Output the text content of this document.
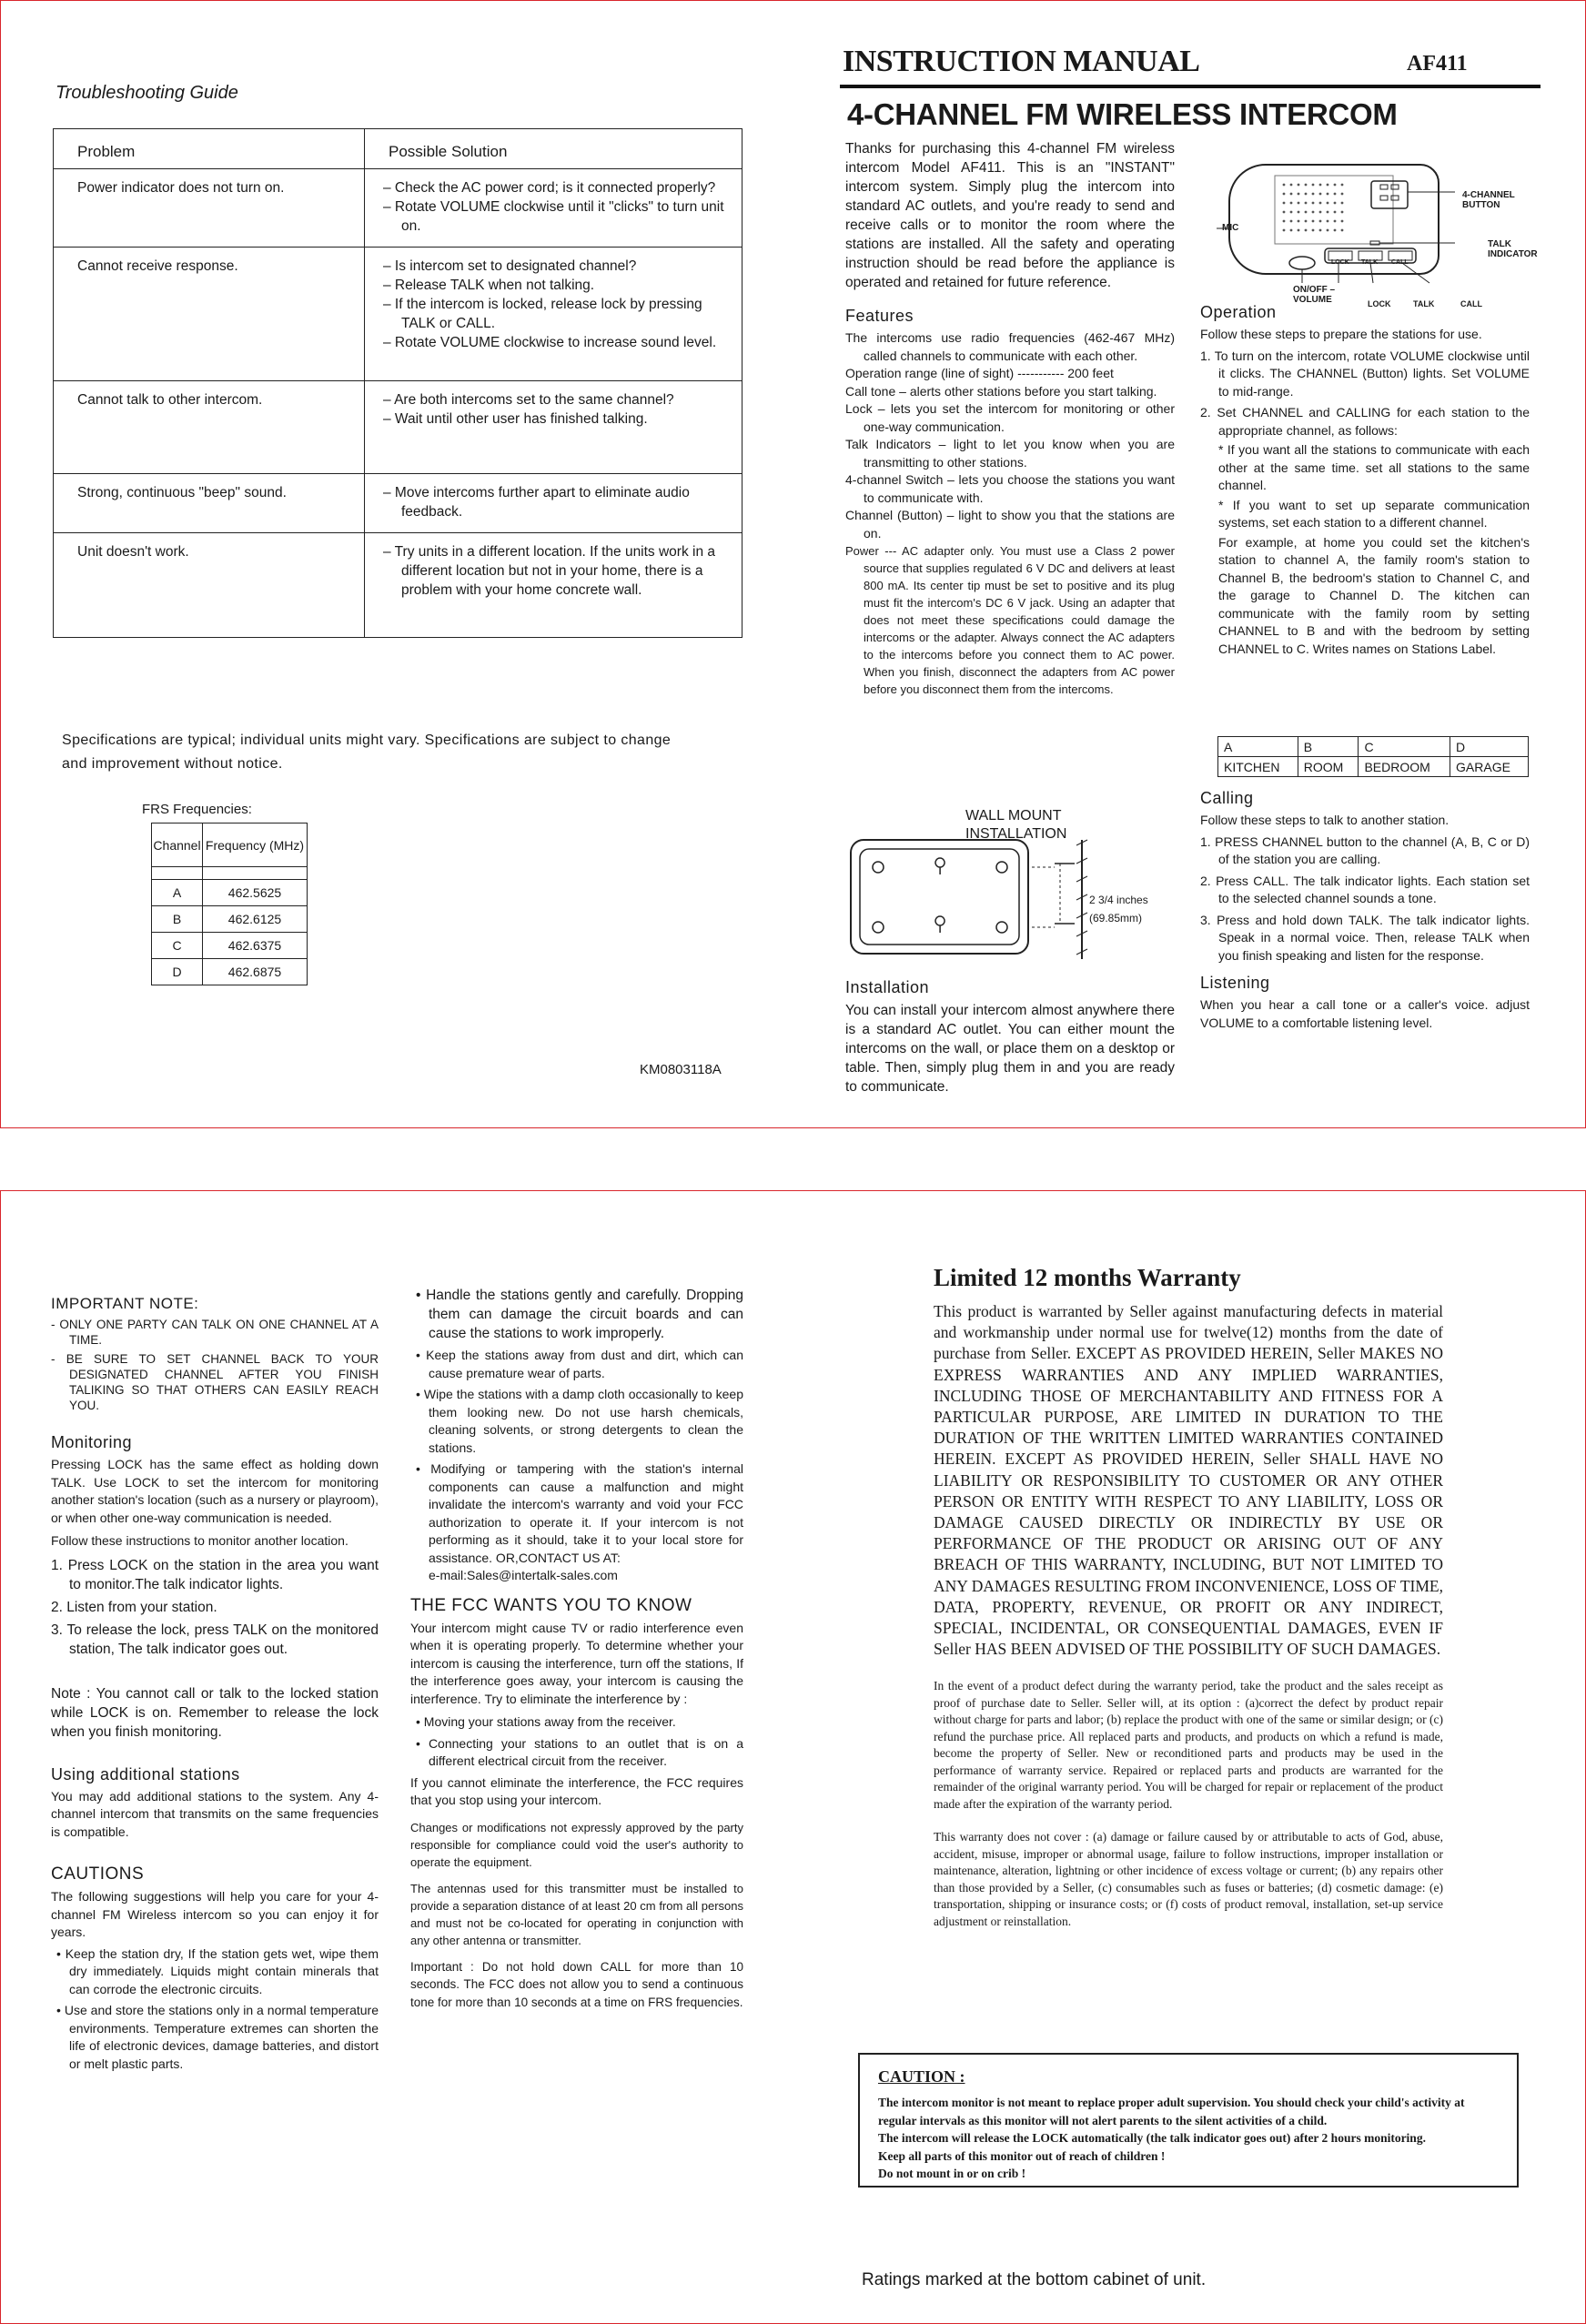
Troubleshooting Guide
Problem	Possible Solution
Power indicator does not turn on.	– Check the AC power cord; is it connected properly?
– Rotate VOLUME clockwise until it "clicks" to turn unit on.

Cannot receive response.	– Is intercom set to designated channel?
– Release TALK when not talking.
– If the intercom is locked, release lock by pressing TALK or CALL.
– Rotate VOLUME clockwise to increase sound level.

Cannot talk to other intercom.	– Are both intercoms set to the same channel?
– Wait until other user has finished talking.

Strong, continuous "beep" sound.	– Move intercoms further apart to eliminate audio feedback.

Unit doesn't work.	– Try units in a different location. If the units work in a different location but not in your home, there is a problem with your home concrete wall.
Specifications are typical; individual units might vary. Specifications are subject to change and improvement without notice.
FRS Frequencies:
Channel	Frequency (MHz)

A	462.5625
B	462.6125
C	462.6375
D	462.6875
KM0803118A
INSTRUCTION MANUAL	AF411
4-CHANNEL FM WIRELESS INTERCOM
Thanks for purchasing this 4-channel FM wireless intercom Model AF411. This is an "INSTANT" intercom system. Simply plug the intercom into standard AC outlets, and you're ready to send and receive calls or to monitor the room where the stations are installed. All the safety and operating instruction should be read before the appliance is operated and retained for future reference.
Features
The intercoms use radio frequencies (462-467 MHz) called channels to communicate with each other.
Operation range (line of sight) ----------- 200 feet
Call tone – alerts other stations before you start talking.
Lock – lets you set the intercom for monitoring or other one-way communication.
Talk Indicators – light to let you know when you are transmitting to other stations.
4-channel Switch – lets you choose the stations you want to communicate with.
Channel (Button) – light to show you that the stations are on.
Power --- AC adapter only. You must use a Class 2 power source that supplies regulated 6 V DC and delivers at least 800 mA. Its center tip must be set to positive and its plug must fit the intercom's DC 6 V jack. Using an adapter that does not meet these specifications could damage the intercoms or the adapter. Always connect the AC adapters to the intercoms before you connect them to AC power. When you finish, disconnect the adapters from AC power before you disconnect them from the intercoms.
WALL MOUNT INSTALLATION
2 3/4 inches (69.85mm)
Installation
You can install your intercom almost anywhere there is a standard AC outlet. You can either mount the intercoms on the wall, or place them on a desktop or table. Then, simply plug them in and you are ready to communicate.
4-CHANNEL BUTTON
MIC
TALK INDICATOR
ON/OFF – VOLUME
LOCK TALK CALL
LOCK	TALK	CALL
Operation
Follow these steps to prepare the stations for use.
1. To turn on the intercom, rotate VOLUME clockwise until it clicks. The CHANNEL (Button) lights. Set VOLUME to mid-range.
2. Set CHANNEL and CALLING for each station to the appropriate channel, as follows:
* If you want all the stations to communicate with each other at the same time. set all stations to the same channel.
* If you want to set up separate communication systems, set each station to a different channel.
For example, at home you could set the kitchen's station to channel A, the family room's station to Channel B, the bedroom's station to Channel C, and the garage to Channel D. The kitchen can communicate with the family room by setting CHANNEL to B and with the bedroom by setting CHANNEL to C. Writes names on Stations Label.
A	B	C	D
KITCHEN	ROOM	BEDROOM	GARAGE
Calling
Follow these steps to talk to another station.
1. PRESS CHANNEL button to the channel (A, B, C or D) of the station you are calling.
2. Press CALL. The talk indicator lights. Each station set to the selected channel sounds a tone.
3. Press and hold down TALK. The talk indicator lights. Speak in a normal voice. Then, release TALK when you finish speaking and listen for the response.
Listening
When you hear a call tone or a caller's voice. adjust VOLUME to a comfortable listening level.
IMPORTANT NOTE:
- ONLY ONE PARTY CAN TALK ON ONE CHANNEL AT A TIME.
- BE SURE TO SET CHANNEL BACK TO YOUR DESIGNATED CHANNEL AFTER YOU FINISH TALIKING SO THAT OTHERS CAN EASILY REACH YOU.
Monitoring
Pressing LOCK has the same effect as holding down TALK. Use LOCK to set the intercom for monitoring another station's location (such as a nursery or playroom), or when other one-way communication is needed.
Follow these instructions to monitor another location.
1. Press LOCK on the station in the area you want to monitor.The talk indicator lights.
2. Listen from your station.
3. To release the lock, press TALK on the monitored station, The talk indicator goes out.
Note : You cannot call or talk to the locked station while LOCK is on. Remember to release the lock when you finish monitoring.
Using additional stations
You may add additional stations to the system. Any 4-channel intercom that transmits on the same frequencies is compatible.
CAUTIONS
The following suggestions will help you care for your 4-channel FM Wireless intercom so you can enjoy it for years.
• Keep the station dry, If the station gets wet, wipe them dry immediately. Liquids might contain minerals that can corrode the electronic circuits.
• Use and store the stations only in a normal temperature environments. Temperature extremes can shorten the life of electronic devices, damage batteries, and distort or melt plastic parts.
• Handle the stations gently and carefully. Dropping them can damage the circuit boards and can cause the stations to work improperly.
• Keep the stations away from dust and dirt, which can cause premature wear of parts.
• Wipe the stations with a damp cloth occasionally to keep them looking new. Do not use harsh chemicals, cleaning solvents, or strong detergents to clean the stations.
• Modifying or tampering with the station's internal components can cause a malfunction and might invalidate the intercom's warranty and void your FCC authorization to operate it. If your intercom is not performing as it should, take it to your local store for assistance. OR,CONTACT US AT:
e-mail:Sales@intertalk-sales.com
THE FCC WANTS YOU TO KNOW
Your intercom might cause TV or radio interference even when it is operating properly. To determine whether your intercom is causing the interference, turn off the stations, If the interference goes away, your intercom is causing the interference. Try to eliminate the interference by :
• Moving your stations away from the receiver.
• Connecting your stations to an outlet that is on a different electrical circuit from the receiver.
If you cannot eliminate the interference, the FCC requires that you stop using your intercom.
Changes or modifications not expressly approved by the party responsible for compliance could void the user's authority to operate the equipment.
The antennas used for this transmitter must be installed to provide a separation distance of at least 20 cm from all persons and must not be co-located for operating in conjunction with any other antenna or transmitter.
Important : Do not hold down CALL for more than 10 seconds. The FCC does not allow you to send a continuous tone for more than 10 seconds at a time on FRS frequencies.
Limited 12 months Warranty
This product is warranted by Seller against manufacturing defects in material and workmanship under normal use for twelve(12) months from the date of purchase from Seller. EXCEPT AS PROVIDED HEREIN, Seller MAKES NO EXPRESS WARRANTIES AND ANY IMPLIED WARRANTIES, INCLUDING THOSE OF MERCHANTABILITY AND FITNESS FOR A PARTICULAR PURPOSE, ARE LIMITED IN DURATION TO THE DURATION OF THE WRITTEN LIMITED WARRANTIES CONTAINED HEREIN. EXCEPT AS PROVIDED HEREIN, Seller SHALL HAVE NO LIABILITY OR RESPONSIBILITY TO CUSTOMER OR ANY OTHER PERSON OR ENTITY WITH RESPECT TO ANY LIABILITY, LOSS OR DAMAGE CAUSED DIRECTLY OR INDIRECTLY BY USE OR PERFORMANCE OF THE PRODUCT OR ARISING OUT OF ANY BREACH OF THIS WARRANTY, INCLUDING, BUT NOT LIMITED TO ANY DAMAGES RESULTING FROM INCONVENIENCE, LOSS OF TIME, DATA, PROPERTY, REVENUE, OR PROFIT OR ANY INDIRECT, SPECIAL, INCIDENTAL, OR CONSEQUENTIAL DAMAGES, EVEN IF Seller HAS BEEN ADVISED OF THE POSSIBILITY OF SUCH DAMAGES.
In the event of a product defect during the warranty period, take the product and the sales receipt as proof of purchase date to Seller. Seller will, at its option : (a)correct the defect by product repair without charge for parts and labor; (b) replace the product with one of the same or similar design; or (c) refund the purchase price. All replaced parts and products, and products on which a refund is made, become the property of Seller. New or reconditioned parts and products may be used in the performance of warranty service. Repaired or replaced parts and products are warranted for the remainder of the original warranty period. You will be charged for repair or replacement of the product made after the expiration of the warranty period.
This warranty does not cover : (a) damage or failure caused by or attributable to acts of God, abuse, accident, misuse, improper or abnormal usage, failure to follow instructions, improper installation or maintenance, alteration, lightning or other incidence of excess voltage or current; (b) any repairs other than those provided by a Seller, (c) consumables such as fuses or batteries; (d) cosmetic damage: (e) transportation, shipping or insurance costs; or (f) costs of product removal, installation, set-up service adjustment or reinstallation.
CAUTION :
The intercom monitor is not meant to replace proper adult supervision. You should check your child's activity at regular intervals as this monitor will not alert parents to the silent activities of a child.
The intercom will release the LOCK automatically (the talk indicator goes out) after 2 hours monitoring.
Keep all parts of this monitor out of reach of children !
Do not mount in or on crib !
Ratings marked at the bottom cabinet of unit.
